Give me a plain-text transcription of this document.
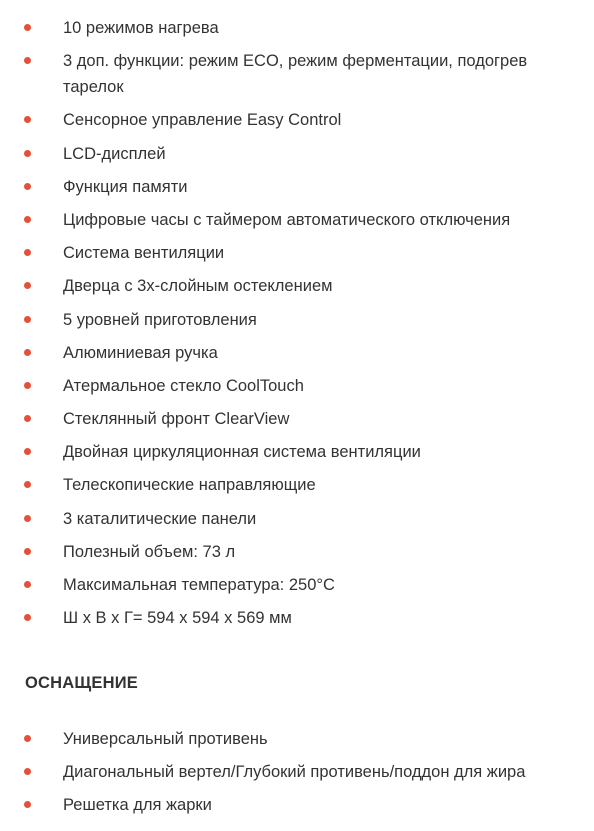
10 режимов нагрева
3 доп. функции: режим ECO, режим ферментации, подогрев тарелок
Сенсорное управление Easy Control
LCD-дисплей
Функция памяти
Цифровые часы с таймером автоматического отключения
Система вентиляции
Дверца с 3х-слойным остеклением
5 уровней приготовления
Алюминиевая ручка
Атермальное стекло CoolTouch
Стеклянный фронт ClearView
Двойная циркуляционная система вентиляции
Телескопические направляющие
3 каталитические панели
Полезный объем: 73 л
Максимальная температура: 250°C
Ш х В х Г= 594 х 594 х 569 мм
ОСНАЩЕНИЕ
Универсальный противень
Диагональный вертел/Глубокий противень/поддон для жира
Решетка для жарки
